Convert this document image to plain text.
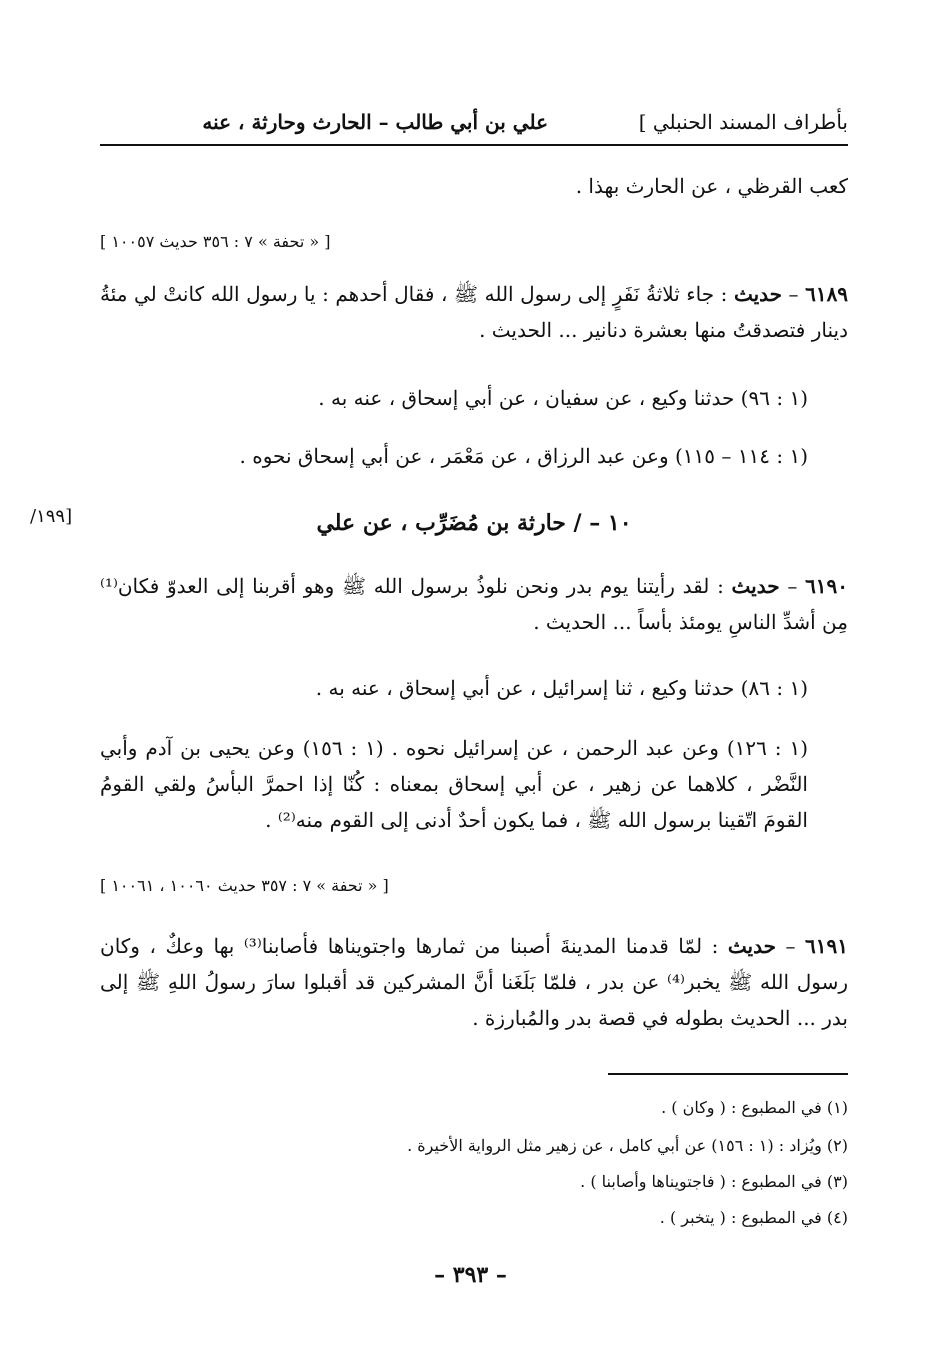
بأطراف المسند الحنبلي ]
علي بن أبي طالب – الحارث وحارثة ، عنه
كعب القرظي ، عن الحارث بهذا .
[ « تحفة » ٧ : ٣٥٦ حديث ١٠٠٥٧ ]
٦١٨٩ – حديث : جاء ثلاثةُ نَفَرٍ إلى رسول الله ﷺ ، فقال أحدهم : يا رسول الله كانتْ لي مئةُ دينار فتصدقتُ منها بعشرة دنانير ... الحديث .
(١ : ٩٦) حدثنا وكيع ، عن سفيان ، عن أبي إسحاق ، عنه به .
(١ : ١١٤ – ١١٥) وعن عبد الرزاق ، عن مَعْمَر ، عن أبي إسحاق نحوه .
١٠ – / حارثة بن مُضَرِّب ، عن علي
٦١٩٠ – حديث : لقد رأيتنا يوم بدر ونحن نلوذُ برسول الله ﷺ وهو أقربنا إلى العدوّ فكان⁽¹⁾ مِن أشدِّ الناسِ يومئذ بأساً ... الحديث .
(١ : ٨٦) حدثنا وكيع ، ثنا إسرائيل ، عن أبي إسحاق ، عنه به .
(١ : ١٢٦) وعن عبد الرحمن ، عن إسرائيل نحوه . (١ : ١٥٦) وعن يحيى بن آدم وأبي النَّضْر ، كلاهما عن زهير ، عن أبي إسحاق بمعناه : كُنّا إذا احمرَّ البأسُ ولقي القومُ القومَ اتّقينا برسول الله ﷺ ، فما يكون أحدٌ أدنى إلى القوم منه⁽²⁾ .
[ « تحفة » ٧ : ٣٥٧ حديث ١٠٠٦٠ ، ١٠٠٦١ ]
٦١٩١ – حديث : لمّا قدمنا المدينةَ أصبنا من ثمارها واجتويناها فأصابنا⁽³⁾ بها وعكٌ ، وكان رسول الله ﷺ يخبر⁽⁴⁾ عن بدر ، فلمّا بَلَغَنا أنَّ المشركين قد أقبلوا سارَ رسولُ اللهِ ﷺ إلى بدر ... الحديث بطوله في قصة بدر والمُبارزة .
(١) في المطبوع : ( وكان ) .
(٢) ويُزاد : (١ : ١٥٦) عن أبي كامل ، عن زهير مثل الرواية الأخيرة .
(٣) في المطبوع : ( فاجتويناها وأصابنا ) .
(٤) في المطبوع : ( يتخبر ) .
[١٩٩/
– ٣٩٣ –
